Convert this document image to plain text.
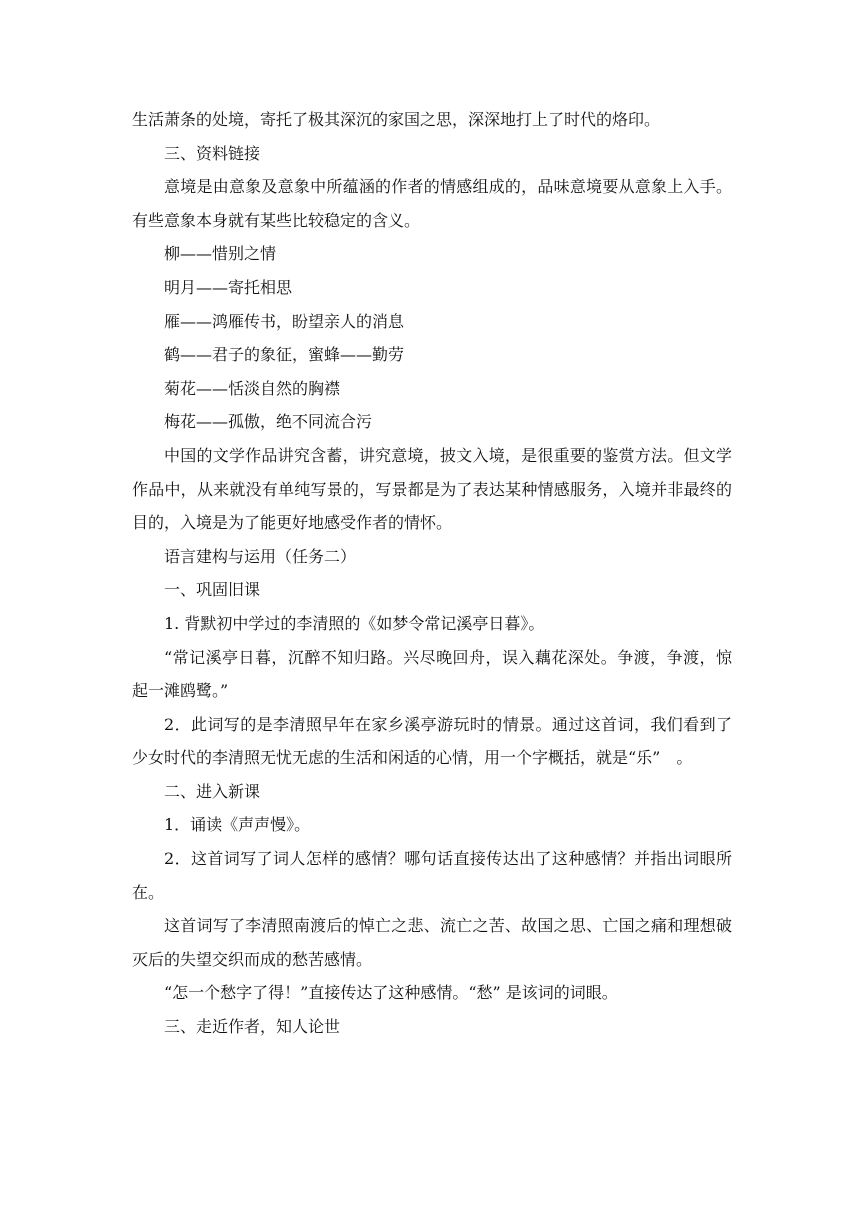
生活萧条的处境，寄托了极其深沉的家国之思，深深地打上了时代的烙印。

三、资料链接

意境是由意象及意象中所蕴涵的作者的情感组成的，品味意境要从意象上入手。有些意象本身就有某些比较稳定的含义。

柳——惜别之情

明月——寄托相思

雁——鸿雁传书，盼望亲人的消息

鹤——君子的象征，蜜蜂——勤劳

菊花——恬淡自然的胸襟

梅花——孤傲，绝不同流合污

中国的文学作品讲究含蓄，讲究意境，披文入境，是很重要的鉴赏方法。但文学作品中，从来就没有单纯写景的，写景都是为了表达某种情感服务，入境并非最终的目的，入境是为了能更好地感受作者的情怀。

语言建构与运用（任务二）

一、巩固旧课

1. 背默初中学过的李清照的《如梦令常记溪亭日暮》。

“常记溪亭日暮，沉醉不知归路。兴尽晚回舟，误入藕花深处。争渡，争渡，惊起一滩鸥鹭。”

2．此词写的是李清照早年在家乡溪亭游玩时的情景。通过这首词，我们看到了少女时代的李清照无忧无虑的生活和闲适的心情，用一个字概括，就是“乐”　。

二、进入新课

1．诵读《声声慢》。

2．这首词写了词人怎样的感情？哪句话直接传达出了这种感情？并指出词眼所在。

这首词写了李清照南渡后的悼亡之悲、流亡之苦、故国之思、亡国之痛和理想破灭后的失望交织而成的愁苦感情。

“怎一个愁字了得！”直接传达了这种感情。“愁” 是该词的词眼。

三、走近作者，知人论世
